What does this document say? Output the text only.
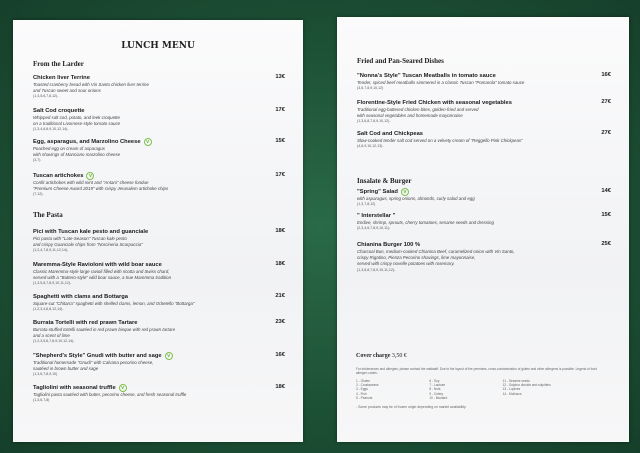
LUNCH MENU
From the Larder
Chicken liver Terrine	13€
Toasted cranberry bread with Vin Santo chicken liver terrine
and Tuscan sweet and sour onions
(1,4,5,6,7,8,12)-
Salt Cod croquette	17€
Whipped salt cod, potato, and leek croquette
on a traditional Livornese-style tomato sauce
(1,3,4,6,8,9,10,12,14)-
Egg, asparagus, and Marzolino Cheese	v	15€
Poached egg on cream of asparagus
with shavings of Manciano marzolino cheese
(3,7)
Tuscan artichokes	v	17€
Confit artichokes with wild mint and "Antani" cheese fondue
"Premium Cheese Award 2019" with crispy Jerusalem artichoke chips
(7,12)-
The Pasta
Pici with Tuscan kale pesto and guanciale	18€
Pici pasta with "Late-Season" Tuscan kale pesto
and crispy Guanciale chips from "Norcineria Scarpaccia"
(1,2,4,7,8,9,11,12,14)-
Maremma-Style Ravioloni with wild boar sauce	18€
Classic Maremma-style large ravioli filled with ricotta and Swiss chard,
served with a "Buttero-style" wild boar sauce, a true Maremma tradition
(1,3,5,6,7,8,9,10,11,12)-
Spaghetti with clams and Bottarga	21€
Square-cut "Chitarra" spaghetti with shelled clams, lemon, and Orbetello "Bottarga"
(1,2,3,4,6,8,12,14)-
Burrata Tortelli with red prawn Tartare	23€
Burrata-stuffed tortelli sautéed in red prawn bisque with red prawn tartare
and a scent of lime
(1,2,3,5,6,7,8,9,10,12,14)-
"Shepherd's Style" Gnudi with butter and sage	v	16€
Traditional homemade "Gnudi" with Calvana pecorino cheese,
sautéed in brown butter and sage
(1,3,6,7,8,9,10)
Tagliolini with seasonal truffle	v	18€
Tagliolini pasta sautéed with butter, pecorino cheese, and fresh seasonal truffle
(1,3,6,7,8)
Fried and Pan-Seared Dishes
"Nonna's Style" Tuscan Meatballs in tomato sauce	16€
Tender, spiced beef meatballs simmered in a classic Tuscan "Pomarola" tomato sauce
(3,6,7,8,9,10,12)
Florentine-Style Fried Chicken with seasonal vegetables	27€
Traditional egg-battered chicken bites, golden-fried and served
with seasonal vegetables and homemade mayonnaise
(1,3,6,8,7,8,9,10,12)-
Salt Cod and Chickpeas	27€
Slow-cooked tender salt cod served on a velvety cream of "Reggello Pink Chickpeas"
(4,6,9,10,12,13)-
Insalate & Burger
"Spring" Salad	v	14€
with asparagus, spring onions, almonds, curly salad and egg
(1,3,7,8,12)
" Interstellar "	15€
Endive, shrimp, sprouts, cherry tomatoes, sesame seeds and dressing
(2,3,4,6,7,8,9,10,11)-
Chianina Burger 100 %	25€
Charcoal Bun, medium-cooked Chianina Beef, caramelized onion with Vin Santo,
crispy Rigatino, Pienza Pecorino shavings, lime mayonnaise,
served with crispy novelle potatoes with rosemary.
(1,3,6,8,7,8,9,10,11,12)-
Cover charge 3,50 €
For intolerances and allergies, please contact the waitstaff. Due to the layout of the premises, cross-contamination of gluten and other allergens is possible. Legend of food allergen codes:
1 - Gluten
2 - Crustaceans
3 - Eggs
4 - Fish
5 - Peanuts
6 - Soy
7 - Lactose
8 - Nuts
9 - Celery
10 - Mustard
11 - Sesame seeds
12 - Sulphur dioxide and sulphites
13 - Lupines
14 - Molluscs
- Some products may be of frozen origin depending on market availability.
